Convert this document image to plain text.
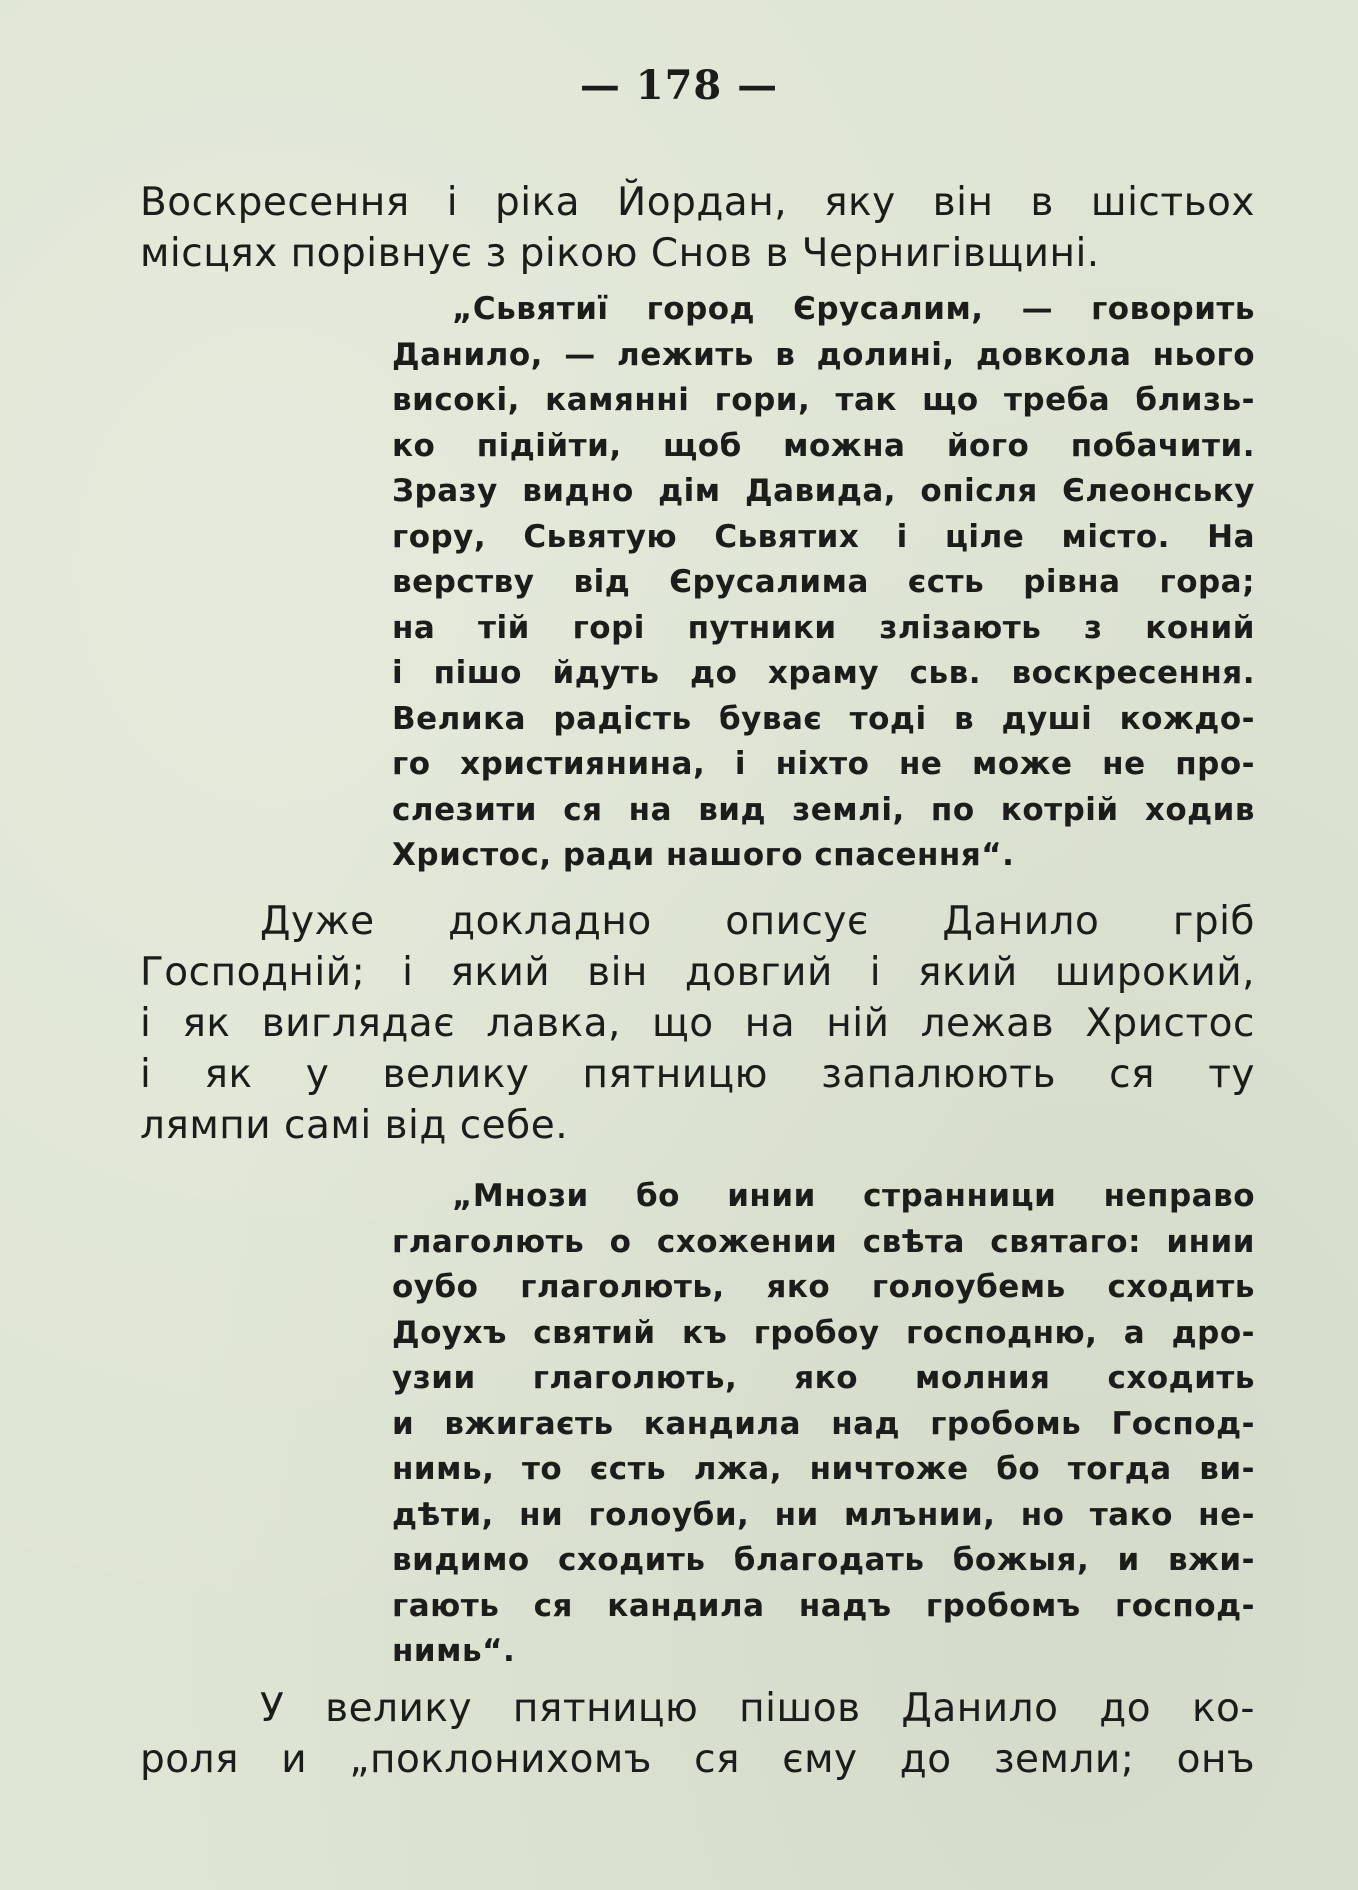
— 178 —
Воскресення і ріка Йордан, яку він в шістьох
місцях порівнує з рікою Снов в Чернигівщині.
„Сьвятиї город Єрусалим, — говорить
Данило, — лежить в долині, довкола нього
високі, камяннi гори, так що треба близь-
ко підійти, щоб можна його побачити.
Зразу видно дім Давида, опісля Єлеонську
гору, Сьвятую Сьвятих і ціле місто. На
верству від Єрусалима єсть рівна гора;
на тій горі путники злізають з коний
і пішо йдуть до храму сьв. воскресення.
Велика радість буває тоді в душі кождо-
го християнина, і ніхто не може не про-
слезити ся на вид землі, по котрій ходив
Христос, ради нашого спасення“.
Дуже докладно описує Данило гріб
Господній; і який він довгий і який широкий,
і як виглядає лавка, що на ній лежав Христос
і як у велику пятницю запалюють ся ту
лямпи самі від себе.
„Мнози бо инии странници неправо
глаголють о схожении свѣта святаго: инии
оубо глаголють, яко голоубемь сходить
Доухъ святий къ гробоу господню, а дро-
узии глаголють, яко молния сходить
и вжигаєть кандила над гробомь Господ-
нимь, то єсть лжа, ничтоже бо тогда ви-
дѣти, ни голоуби, ни млънии, но тако не-
видимо сходить благодать божыя, и вжи-
гають ся кандила надъ гробомъ господ-
нимь“.
У велику пятницю пішов Данило до ко-
роля и „поклонихомъ ся єму до земли; онъ
